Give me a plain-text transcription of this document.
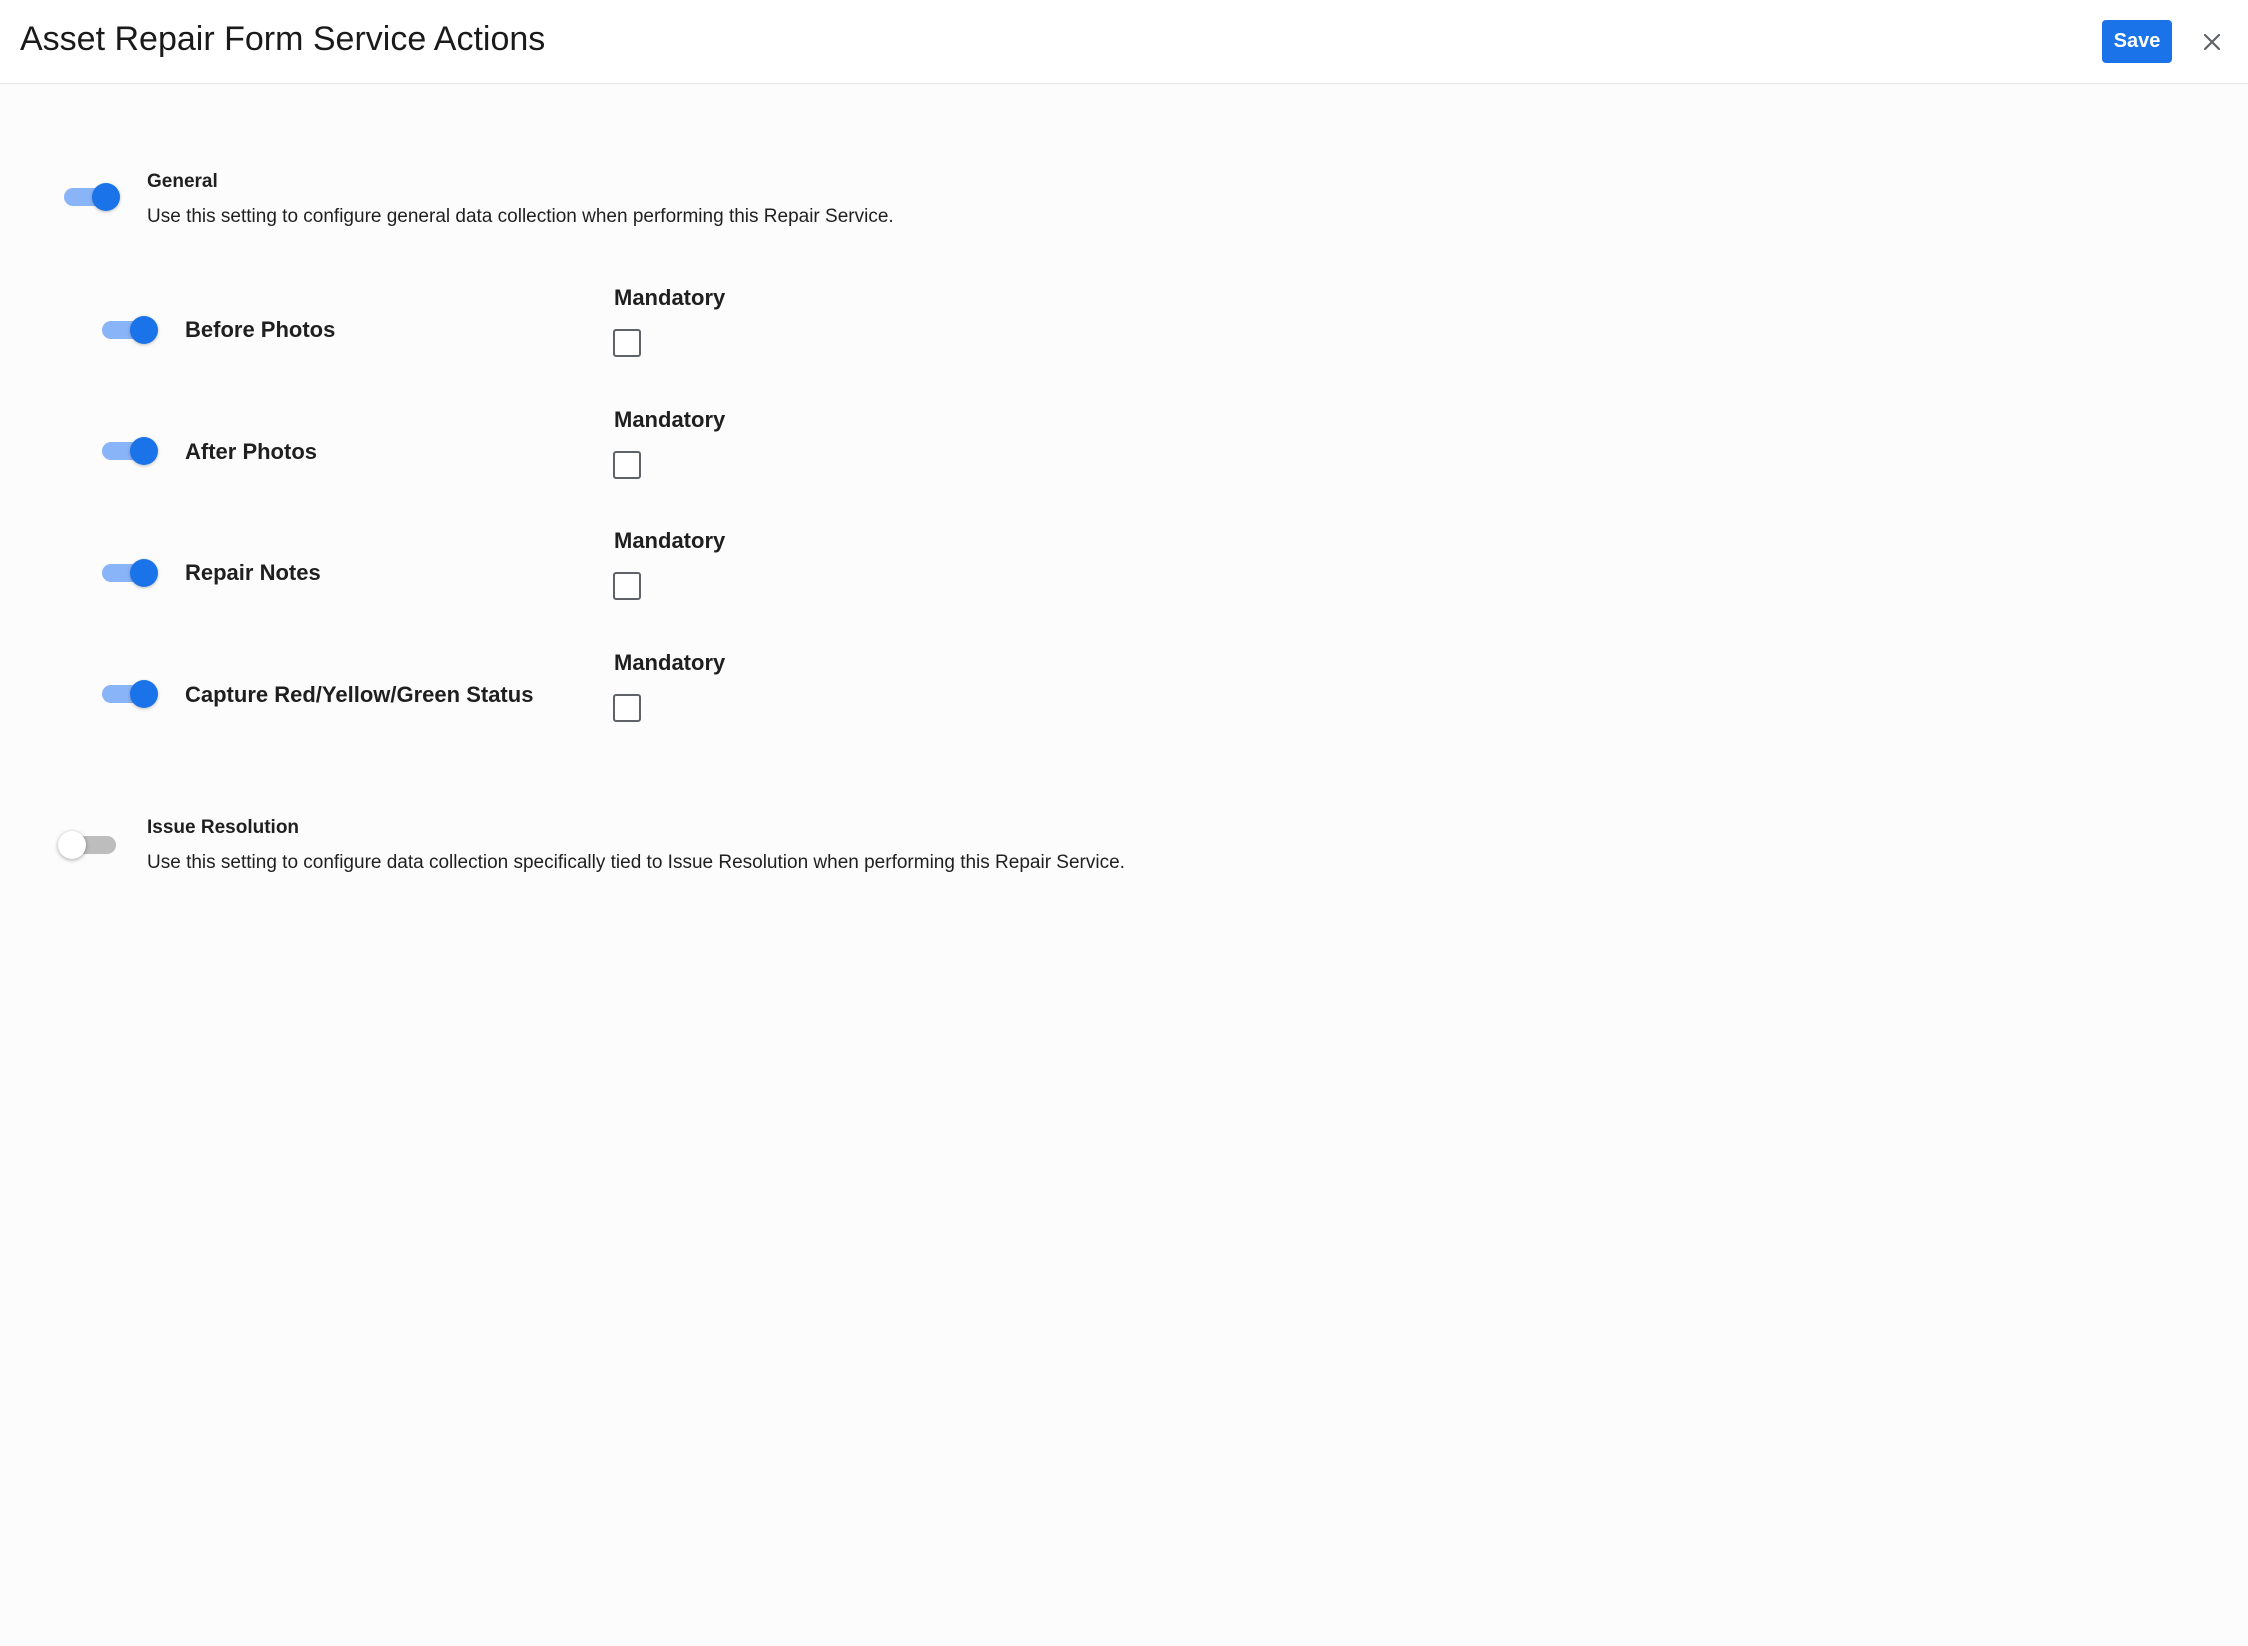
Asset Repair Form Service Actions	Save
General
Use this setting to configure general data collection when performing this Repair Service.
Before Photos
Mandatory
After Photos
Mandatory
Repair Notes
Mandatory
Capture Red/Yellow/Green Status
Mandatory
Issue Resolution
Use this setting to configure data collection specifically tied to Issue Resolution when performing this Repair Service.
